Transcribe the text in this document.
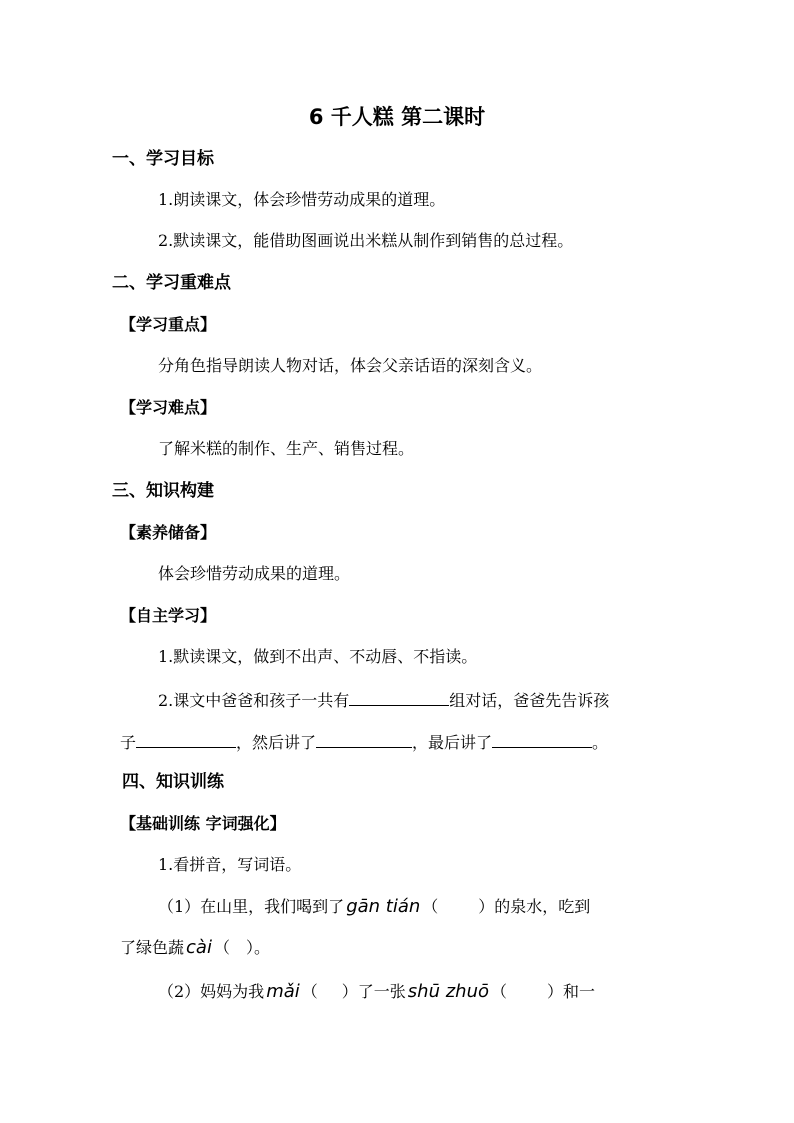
6 千人糕 第二课时
一、学习目标
1.朗读课文，体会珍惜劳动成果的道理。
2.默读课文，能借助图画说出米糕从制作到销售的总过程。
二、学习重难点
【学习重点】
分角色指导朗读人物对话，体会父亲话语的深刻含义。
【学习难点】
了解米糕的制作、生产、销售过程。
三、知识构建
【素养储备】
体会珍惜劳动成果的道理。
【自主学习】
1.默读课文，做到不出声、不动唇、不指读。
2.课文中爸爸和孩子一共有	组对话，爸爸先告诉孩
子	，然后讲了	，最后讲了	。
四、知识训练
【基础训练 字词强化】
1.看拼音，写词语。
（1）在山里，我们喝到了 gān tián （	）的泉水，吃到
了绿色蔬 cài （ ）。
（2）妈妈为我 mǎi （ ）了一张 shū zhuō （	）和一
